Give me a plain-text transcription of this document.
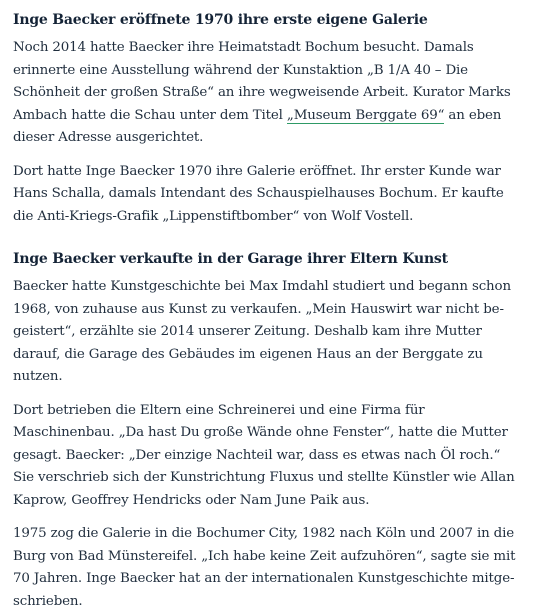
Inge Baecker eröffnete 1970 ihre erste eigene Galerie

Noch 2014 hatte Baecker ihre Heimatstadt Bochum besucht. Damals erinnerte eine Ausstellung während der Kunstaktion „B 1/A 40 – Die Schönheit der großen Straße“ an ihre wegweisende Arbeit. Kurator Marks Ambach hatte die Schau unter dem Titel „Museum Berggate 69“ an eben dieser Adresse ausgerichtet.

Dort hatte Inge Baecker 1970 ihre Galerie eröffnet. Ihr erster Kunde war Hans Schalla, damals Intendant des Schauspielhauses Bochum. Er kaufte die Anti-Kriegs-Grafik „Lippenstiftbomber“ von Wolf Vostell.

Inge Baecker verkaufte in der Garage ihrer Eltern Kunst

Baecker hatte Kunstgeschichte bei Max Imdahl studiert und begann schon 1968, von zuhause aus Kunst zu verkaufen. „Mein Hauswirt war nicht begeistert“, erzählte sie 2014 unserer Zeitung. Deshalb kam ihre Mutter darauf, die Garage des Gebäudes im eigenen Haus an der Berggate zu nutzen.

Dort betrieben die Eltern eine Schreinerei und eine Firma für Maschinenbau. „Da hast Du große Wände ohne Fenster“, hatte die Mutter gesagt. Baecker: „Der einzige Nachteil war, dass es etwas nach Öl roch.“ Sie verschrieb sich der Kunstrichtung Fluxus und stellte Künstler wie Allan Kaprow, Geoffrey Hendricks oder Nam June Paik aus.

1975 zog die Galerie in die Bochumer City, 1982 nach Köln und 2007 in die Burg von Bad Münstereifel. „Ich habe keine Zeit aufzuhören“, sagte sie mit 70 Jahren. Inge Baecker hat an der internationalen Kunstgeschichte mitgeschrieben.
